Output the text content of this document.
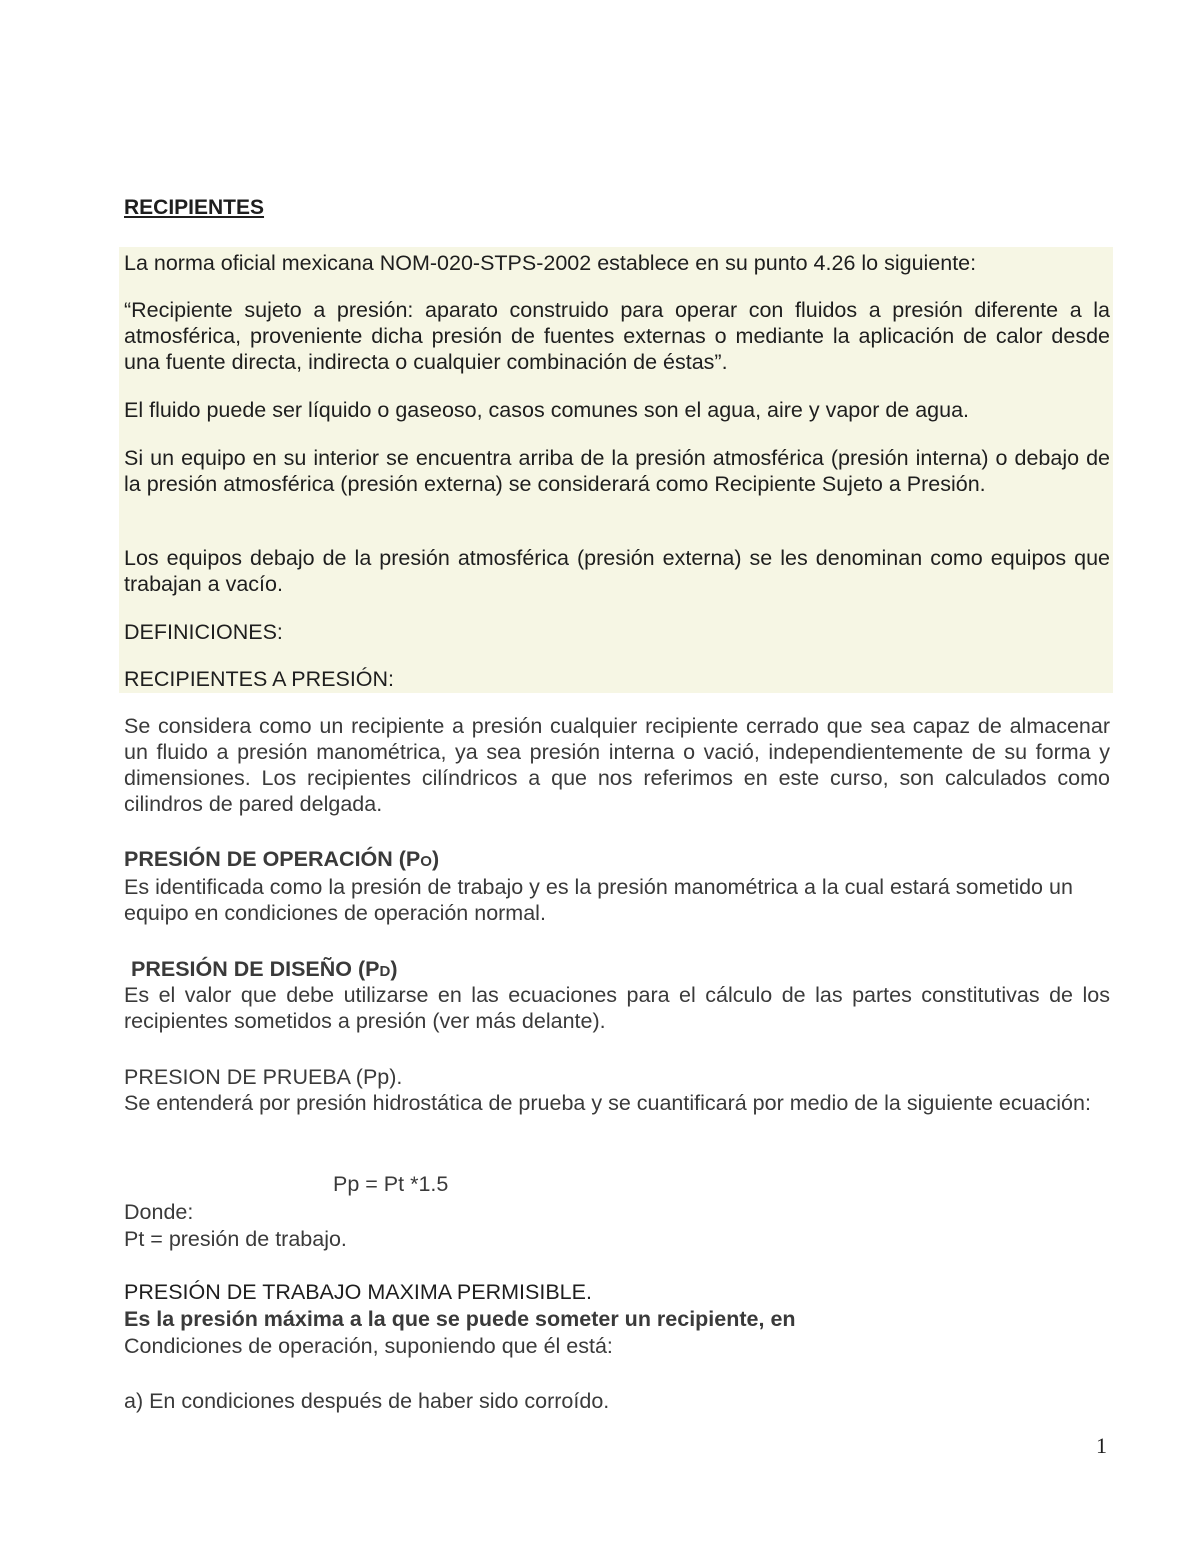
RECIPIENTES

La norma oficial mexicana NOM-020-STPS-2002 establece en su punto 4.26 lo siguiente:

“Recipiente sujeto a presión: aparato construido para operar con fluidos a presión diferente a la atmosférica, proveniente dicha presión de fuentes externas o mediante la aplicación de calor desde una fuente directa, indirecta o cualquier combinación de éstas”.

El fluido puede ser líquido o gaseoso, casos comunes son el agua, aire y vapor de agua.

Si un equipo en su interior se encuentra arriba de la presión atmosférica (presión interna) o debajo de la presión atmosférica (presión externa) se considerará como Recipiente Sujeto a Presión.

Los equipos debajo de la presión atmosférica (presión externa) se les denominan como equipos que trabajan a vacío.

DEFINICIONES:

RECIPIENTES A PRESIÓN:

Se considera como un recipiente a presión cualquier recipiente cerrado que sea capaz de almacenar un fluido a presión manométrica, ya sea presión interna o vació, independientemente de su forma y dimensiones. Los recipientes cilíndricos a que nos referimos en este curso, son calculados como cilindros de pared delgada.

PRESIÓN DE OPERACIÓN (PO)

Es identificada como la presión de trabajo y es la presión manométrica a la cual estará sometido un equipo en condiciones de operación normal.

PRESIÓN DE DISEÑO (PD)

Es el valor que debe utilizarse en las ecuaciones para el cálculo de las partes constitutivas de los recipientes sometidos a presión (ver más delante).

PRESION DE PRUEBA (Pp).

Se entenderá por presión hidrostática de prueba y se cuantificará por medio de la siguiente ecuación:

Pp = Pt *1.5

Donde:

Pt = presión de trabajo.

PRESIÓN DE TRABAJO MAXIMA PERMISIBLE.

Es la presión máxima a la que se puede someter un recipiente, en

Condiciones de operación, suponiendo que él está:

a) En condiciones después de haber sido corroído.

1
